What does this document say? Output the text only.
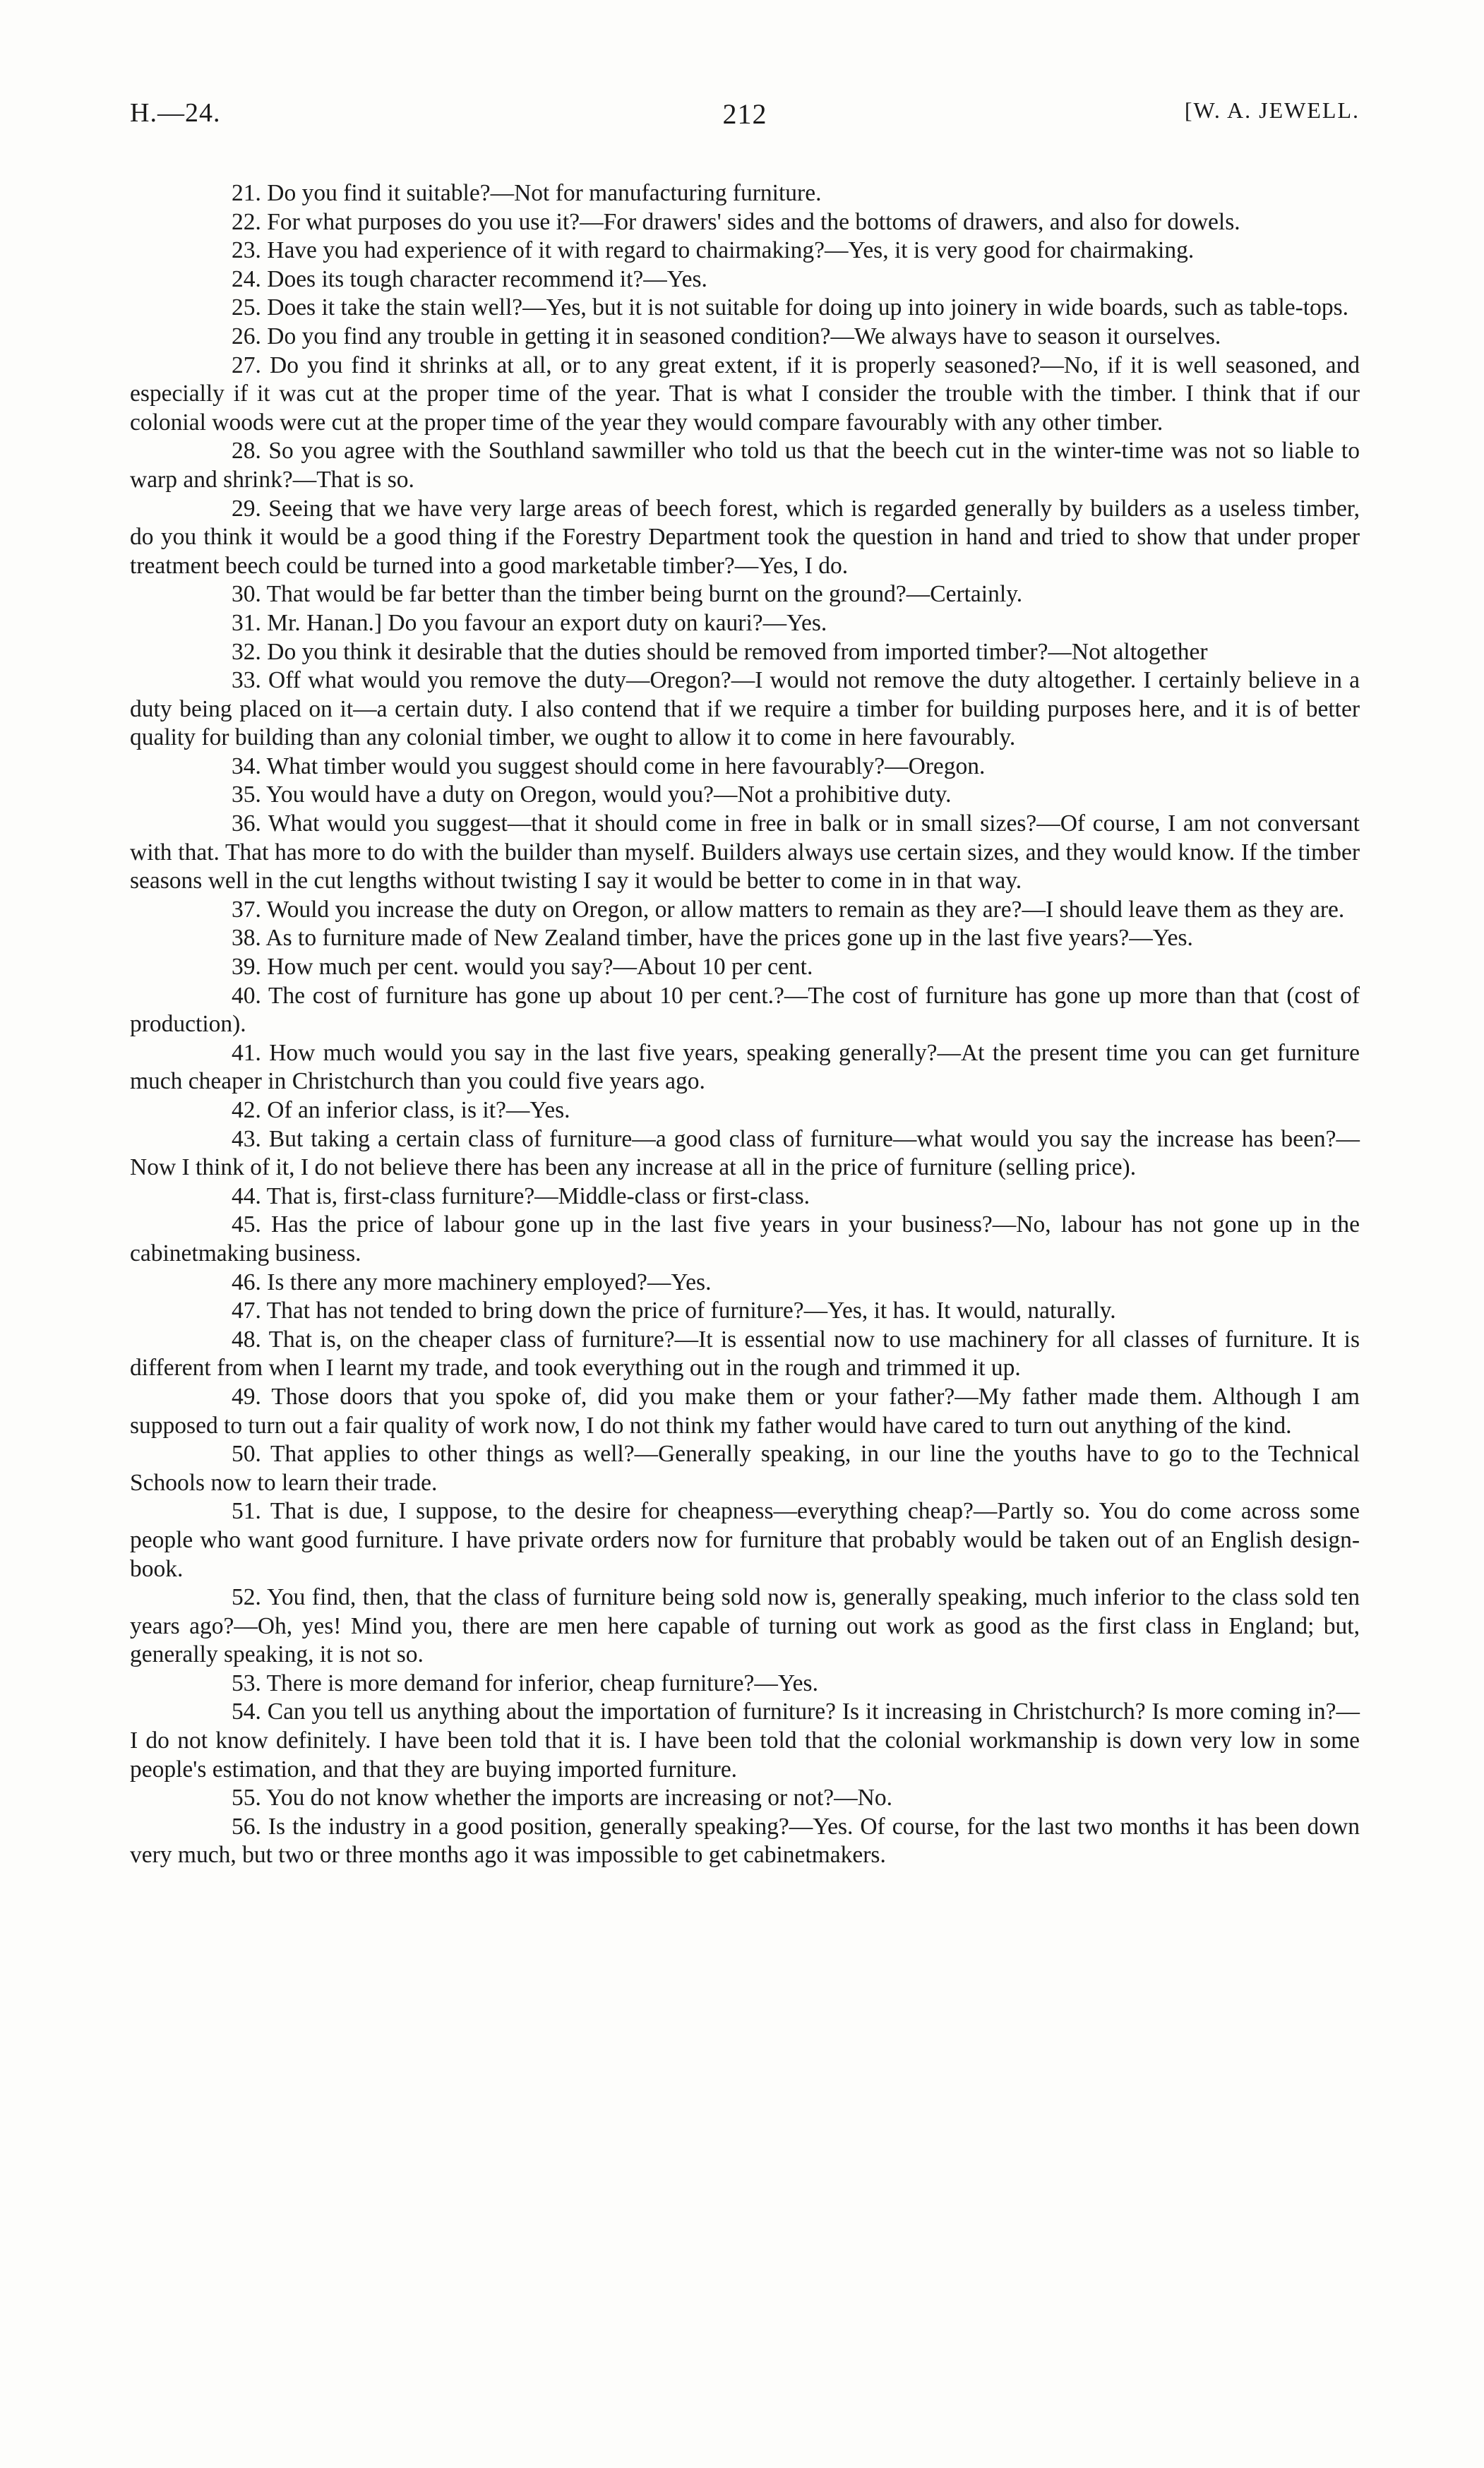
H.—24.	212	[W. A. JEWELL.

21. Do you find it suitable?—Not for manufacturing furniture.

22. For what purposes do you use it?—For drawers' sides and the bottoms of drawers, and also for dowels.

23. Have you had experience of it with regard to chairmaking?—Yes, it is very good for chairmaking.

24. Does its tough character recommend it?—Yes.

25. Does it take the stain well?—Yes, but it is not suitable for doing up into joinery in wide boards, such as table-tops.

26. Do you find any trouble in getting it in seasoned condition?—We always have to season it ourselves.

27. Do you find it shrinks at all, or to any great extent, if it is properly seasoned?—No, if it is well seasoned, and especially if it was cut at the proper time of the year. That is what I consider the trouble with the timber. I think that if our colonial woods were cut at the proper time of the year they would compare favourably with any other timber.

28. So you agree with the Southland sawmiller who told us that the beech cut in the winter-time was not so liable to warp and shrink?—That is so.

29. Seeing that we have very large areas of beech forest, which is regarded generally by builders as a useless timber, do you think it would be a good thing if the Forestry Department took the question in hand and tried to show that under proper treatment beech could be turned into a good marketable timber?—Yes, I do.

30. That would be far better than the timber being burnt on the ground?—Certainly.

31. Mr. Hanan.] Do you favour an export duty on kauri?—Yes.

32. Do you think it desirable that the duties should be removed from imported timber?—Not altogether

33. Off what would you remove the duty—Oregon?—I would not remove the duty altogether. I certainly believe in a duty being placed on it—a certain duty. I also contend that if we require a timber for building purposes here, and it is of better quality for building than any colonial timber, we ought to allow it to come in here favourably.

34. What timber would you suggest should come in here favourably?—Oregon.

35. You would have a duty on Oregon, would you?—Not a prohibitive duty.

36. What would you suggest—that it should come in free in balk or in small sizes?—Of course, I am not conversant with that. That has more to do with the builder than myself. Builders always use certain sizes, and they would know. If the timber seasons well in the cut lengths without twisting I say it would be better to come in in that way.

37. Would you increase the duty on Oregon, or allow matters to remain as they are?—I should leave them as they are.

38. As to furniture made of New Zealand timber, have the prices gone up in the last five years?—Yes.

39. How much per cent. would you say?—About 10 per cent.

40. The cost of furniture has gone up about 10 per cent.?—The cost of furniture has gone up more than that (cost of production).

41. How much would you say in the last five years, speaking generally?—At the present time you can get furniture much cheaper in Christchurch than you could five years ago.

42. Of an inferior class, is it?—Yes.

43. But taking a certain class of furniture—a good class of furniture—what would you say the increase has been?—Now I think of it, I do not believe there has been any increase at all in the price of furniture (selling price).

44. That is, first-class furniture?—Middle-class or first-class.

45. Has the price of labour gone up in the last five years in your business?—No, labour has not gone up in the cabinetmaking business.

46. Is there any more machinery employed?—Yes.

47. That has not tended to bring down the price of furniture?—Yes, it has. It would, naturally.

48. That is, on the cheaper class of furniture?—It is essential now to use machinery for all classes of furniture. It is different from when I learnt my trade, and took everything out in the rough and trimmed it up.

49. Those doors that you spoke of, did you make them or your father?—My father made them. Although I am supposed to turn out a fair quality of work now, I do not think my father would have cared to turn out anything of the kind.

50. That applies to other things as well?—Generally speaking, in our line the youths have to go to the Technical Schools now to learn their trade.

51. That is due, I suppose, to the desire for cheapness—everything cheap?—Partly so. You do come across some people who want good furniture. I have private orders now for furniture that probably would be taken out of an English design-book.

52. You find, then, that the class of furniture being sold now is, generally speaking, much inferior to the class sold ten years ago?—Oh, yes! Mind you, there are men here capable of turning out work as good as the first class in England; but, generally speaking, it is not so.

53. There is more demand for inferior, cheap furniture?—Yes.

54. Can you tell us anything about the importation of furniture? Is it increasing in Christchurch? Is more coming in?—I do not know definitely. I have been told that it is. I have been told that the colonial workmanship is down very low in some people's estimation, and that they are buying imported furniture.

55. You do not know whether the imports are increasing or not?—No.

56. Is the industry in a good position, generally speaking?—Yes. Of course, for the last two months it has been down very much, but two or three months ago it was impossible to get cabinetmakers.
